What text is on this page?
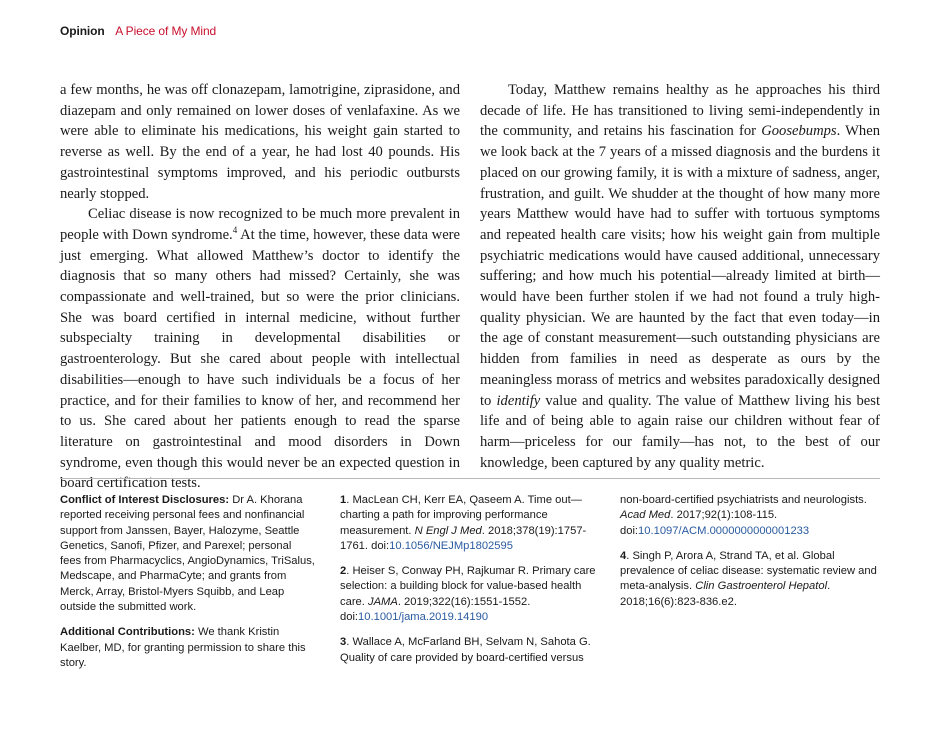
Opinion A Piece of My Mind

a few months, he was off clonazepam, lamotrigine, ziprasidone, and diazepam and only remained on lower doses of venlafaxine. As we were able to eliminate his medications, his weight gain started to reverse as well. By the end of a year, he had lost 40 pounds. His gastrointestinal symptoms improved, and his periodic outbursts nearly stopped.

Celiac disease is now recognized to be much more prevalent in people with Down syndrome.$^4$ At the time, however, these data were just emerging. What allowed Matthew’s doctor to identify the diagnosis that so many others had missed? Certainly, she was compassionate and well-trained, but so were the prior clinicians. She was board certified in internal medicine, without further subspecialty training in developmental disabilities or gastroenterology. But she cared about people with intellectual disabilities—enough to have such individuals be a focus of her practice, and for their families to know of her, and recommend her to us. She cared about her patients enough to read the sparse literature on gastrointestinal and mood disorders in Down syndrome, even though this would never be an expected question in board certification tests.

Today, Matthew remains healthy as he approaches his third decade of life. He has transitioned to living semi-independently in the community, and retains his fascination for Goosebumps. When we look back at the 7 years of a missed diagnosis and the burdens it placed on our growing family, it is with a mixture of sadness, anger, frustration, and guilt. We shudder at the thought of how many more years Matthew would have had to suffer with tortuous symptoms and repeated health care visits; how his weight gain from multiple psychiatric medications would have caused additional, unnecessary suffering; and how much his potential—already limited at birth—would have been further stolen if we had not found a truly high-quality physician. We are haunted by the fact that even today—in the age of constant measurement—such outstanding physicians are hidden from families in need as desperate as ours by the meaningless morass of metrics and websites paradoxically designed to identify value and quality. The value of Matthew living his best life and of being able to again raise our children without fear of harm—priceless for our family—has not, to the best of our knowledge, been captured by any quality metric.

Conflict of Interest Disclosures: Dr A. Khorana reported receiving personal fees and nonfinancial support from Janssen, Bayer, Halozyme, Seattle Genetics, Sanofi, Pfizer, and Parexel; personal fees from Pharmacyclics, AngioDynamics, TriSalus, Medscape, and PharmaCyte; and grants from Merck, Array, Bristol-Myers Squibb, and Leap outside the submitted work.

Additional Contributions: We thank Kristin Kaelber, MD, for granting permission to share this story.

1. MacLean CH, Kerr EA, Qaseem A. Time out—charting a path for improving performance measurement. N Engl J Med. 2018;378(19):1757-1761. doi:10.1056/NEJMp1802595

2. Heiser S, Conway PH, Rajkumar R. Primary care selection: a building block for value-based health care. JAMA. 2019;322(16):1551-1552. doi:10.1001/jama.2019.14190

3. Wallace A, McFarland BH, Selvam N, Sahota G. Quality of care provided by board-certified versus

non-board-certified psychiatrists and neurologists. Acad Med. 2017;92(1):108-115. doi:10.1097/ACM.0000000000001233

4. Singh P, Arora A, Strand TA, et al. Global prevalence of celiac disease: systematic review and meta-analysis. Clin Gastroenterol Hepatol. 2018;16(6):823-836.e2.
